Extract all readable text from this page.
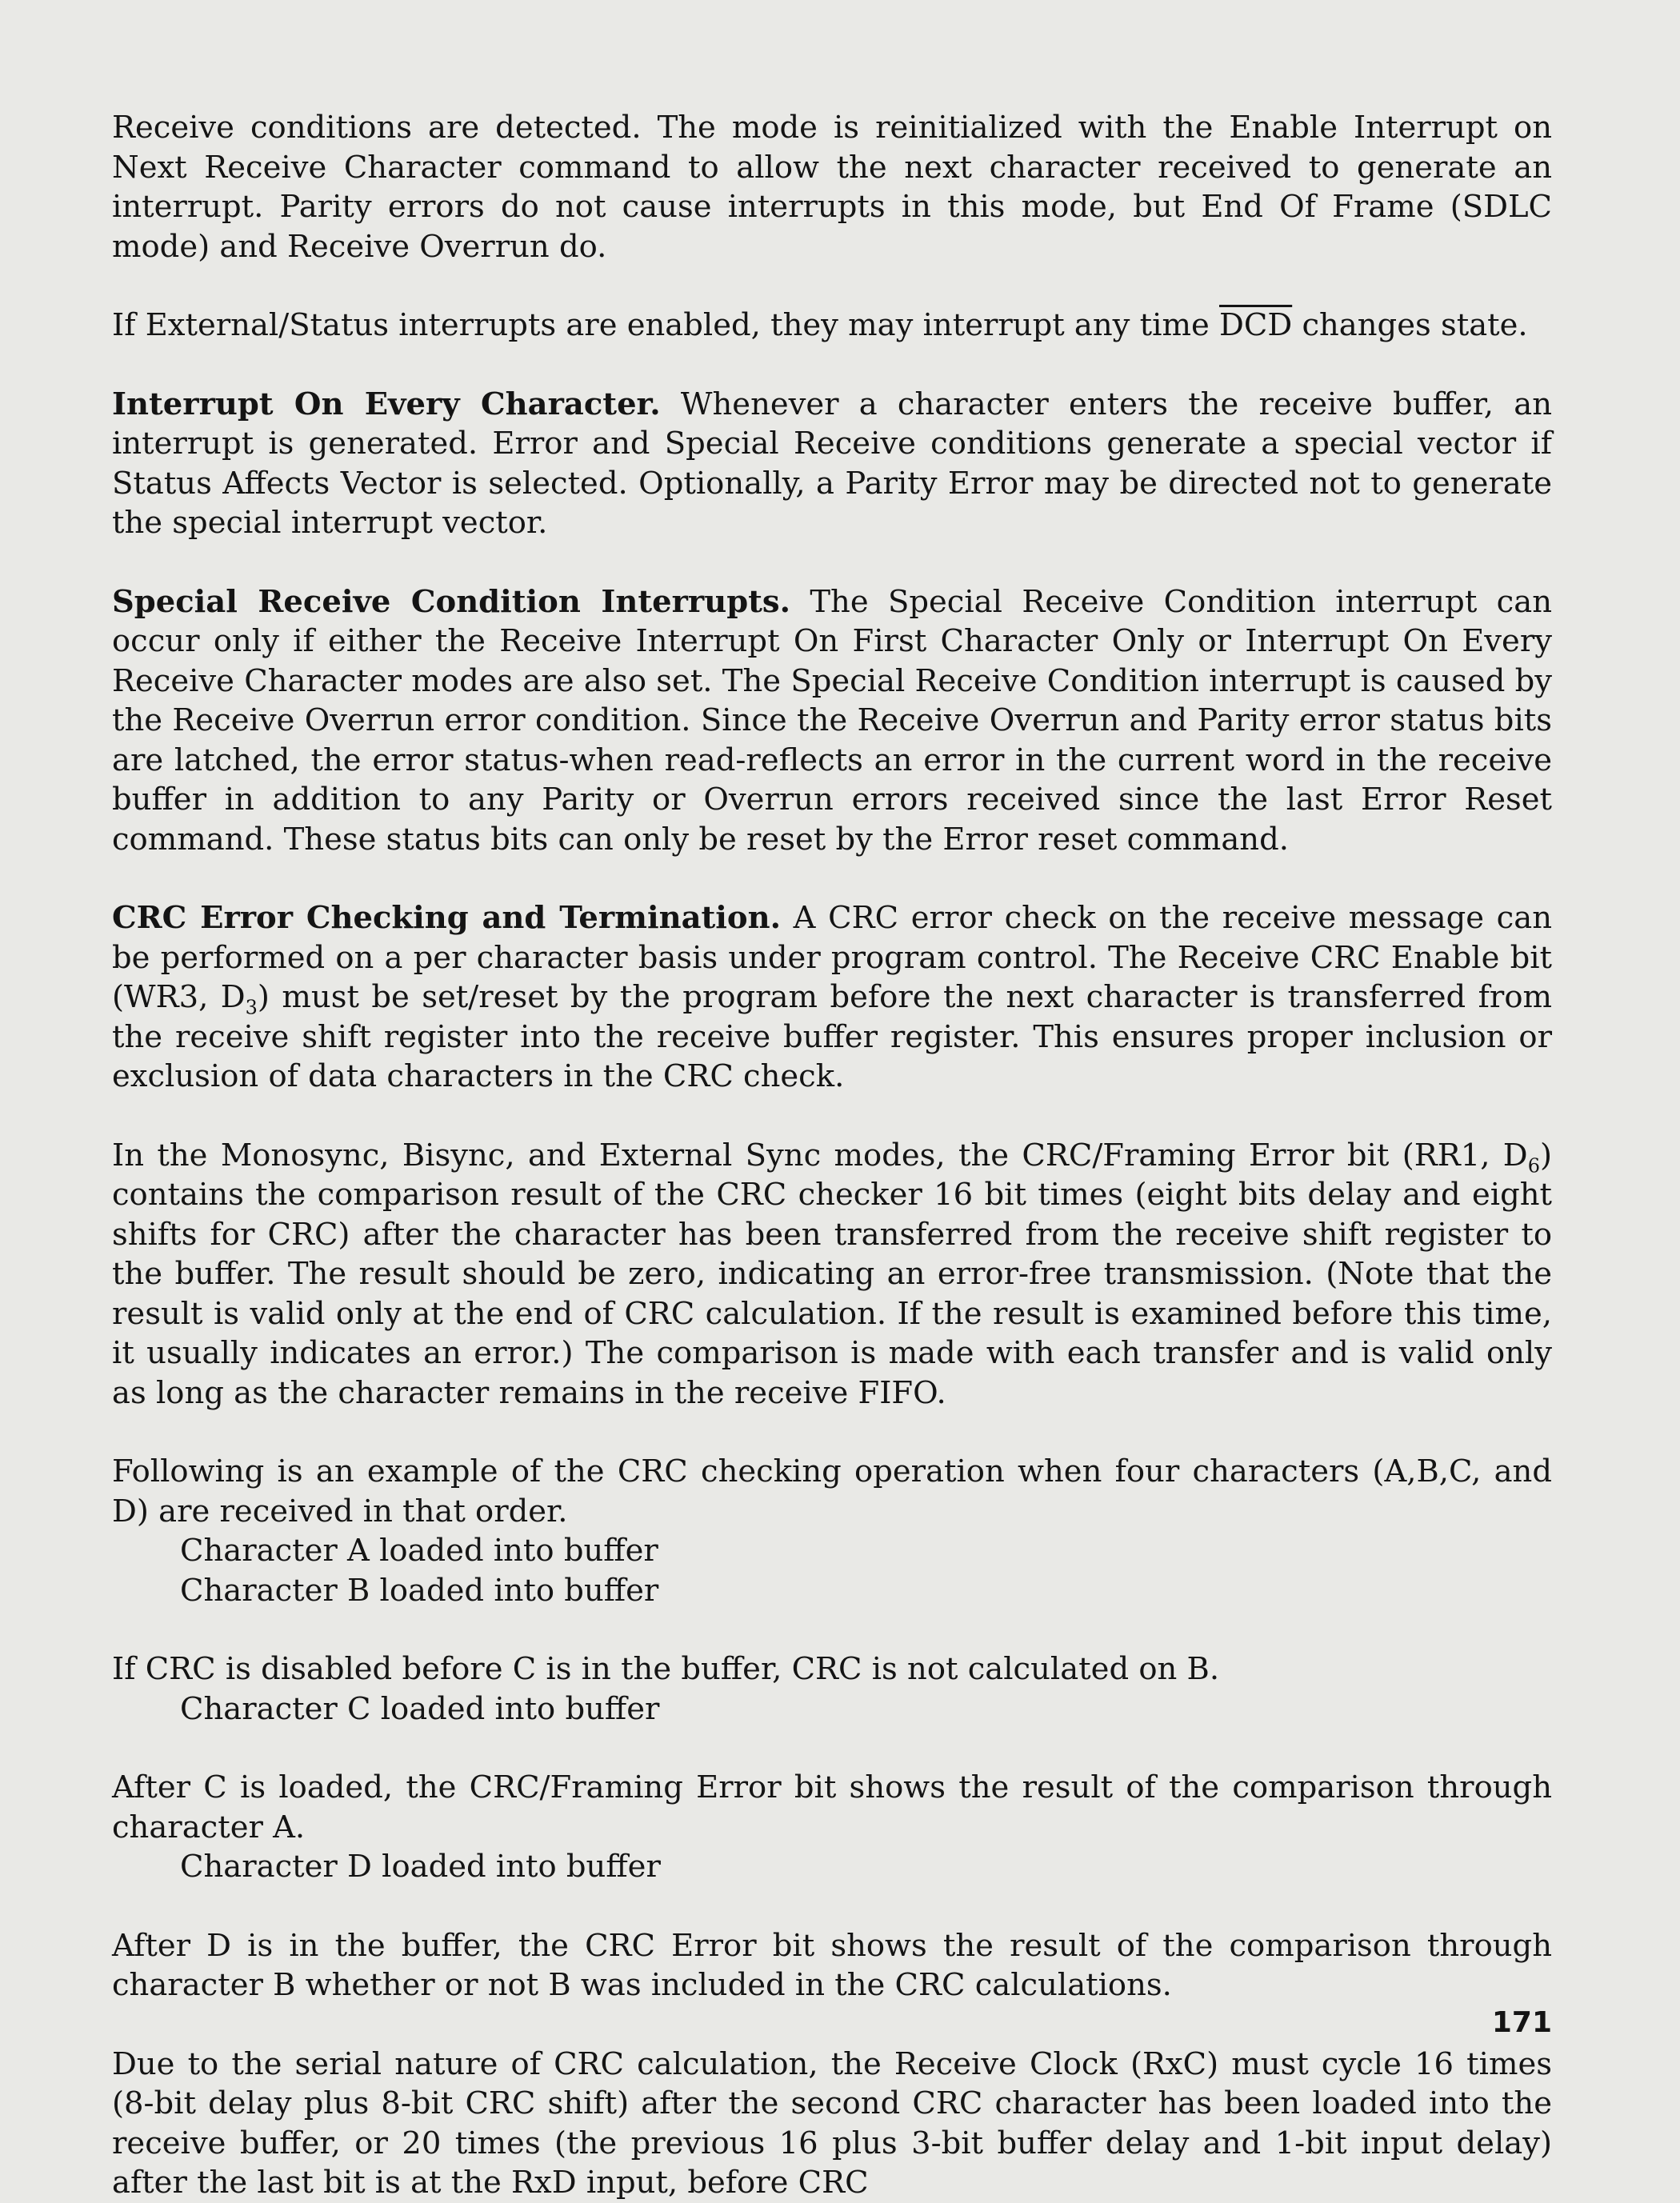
Receive conditions are detected. The mode is reinitialized with the Enable Interrupt on Next Receive Character command to allow the next character received to generate an interrupt. Parity errors do not cause interrupts in this mode, but End Of Frame (SDLC mode) and Receive Overrun do.
If External/Status interrupts are enabled, they may interrupt any time $\overline{DCD}$ changes state.
Interrupt On Every Character. Whenever a character enters the receive buffer, an interrupt is generated. Error and Special Receive conditions generate a special vector if Status Affects Vector is selected. Optionally, a Parity Error may be directed not to generate the special interrupt vector.
Special Receive Condition Interrupts. The Special Receive Condition interrupt can occur only if either the Receive Interrupt On First Character Only or Interrupt On Every Receive Character modes are also set. The Special Receive Condition interrupt is caused by the Receive Overrun error condition. Since the Receive Overrun and Parity error status bits are latched, the error status-when read-reflects an error in the current word in the receive buffer in addition to any Parity or Overrun errors received since the last Error Reset command. These status bits can only be reset by the Error reset command.
CRC Error Checking and Termination. A CRC error check on the receive message can be performed on a per character basis under program control. The Receive CRC Enable bit (WR3, $D_3$) must be set/reset by the program before the next character is transferred from the receive shift register into the receive buffer register. This ensures proper inclusion or exclusion of data characters in the CRC check.
In the Monosync, Bisync, and External Sync modes, the CRC/Framing Error bit (RR1, $D_6$) contains the comparison result of the CRC checker 16 bit times (eight bits delay and eight shifts for CRC) after the character has been transferred from the receive shift register to the buffer. The result should be zero, indicating an error-free transmission. (Note that the result is valid only at the end of CRC calculation. If the result is examined before this time, it usually indicates an error.) The comparison is made with each transfer and is valid only as long as the character remains in the receive FIFO.
Following is an example of the CRC checking operation when four characters (A,B,C, and D) are received in that order.
Character A loaded into buffer
Character B loaded into buffer
If CRC is disabled before C is in the buffer, CRC is not calculated on B.
Character C loaded into buffer
After C is loaded, the CRC/Framing Error bit shows the result of the comparison through character A.
Character D loaded into buffer
After D is in the buffer, the CRC Error bit shows the result of the comparison through character B whether or not B was included in the CRC calculations.
Due to the serial nature of CRC calculation, the Receive Clock (RxC) must cycle 16 times (8-bit delay plus 8-bit CRC shift) after the second CRC character has been loaded into the receive buffer, or 20 times (the previous 16 plus 3-bit buffer delay and 1-bit input delay) after the last bit is at the RxD input, before CRC
171
